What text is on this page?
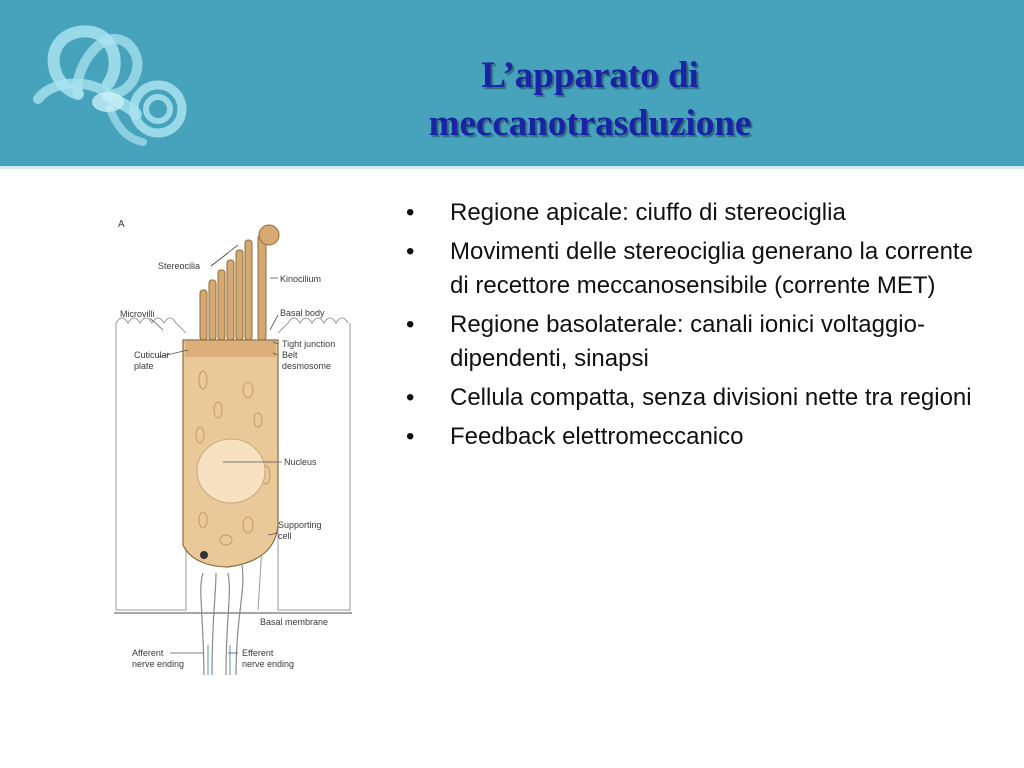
L’apparato di
meccanotrasduzione
A
Stereocilia
Kinocilium
Microvilli	Basal body
Cuticular
plate
Tight junction
Belt
desmosome
Nucleus
Supporting
cell
Basal membrane
Afferent
nerve ending
Efferent
nerve ending
• Regione apicale: ciuffo di stereociglia
• Movimenti delle stereociglia generano la corrente di recettore meccanosensibile (corrente MET)
• Regione basolaterale: canali ionici voltaggio-dipendenti, sinapsi
• Cellula compatta, senza divisioni nette tra regioni
• Feedback elettromeccanico
